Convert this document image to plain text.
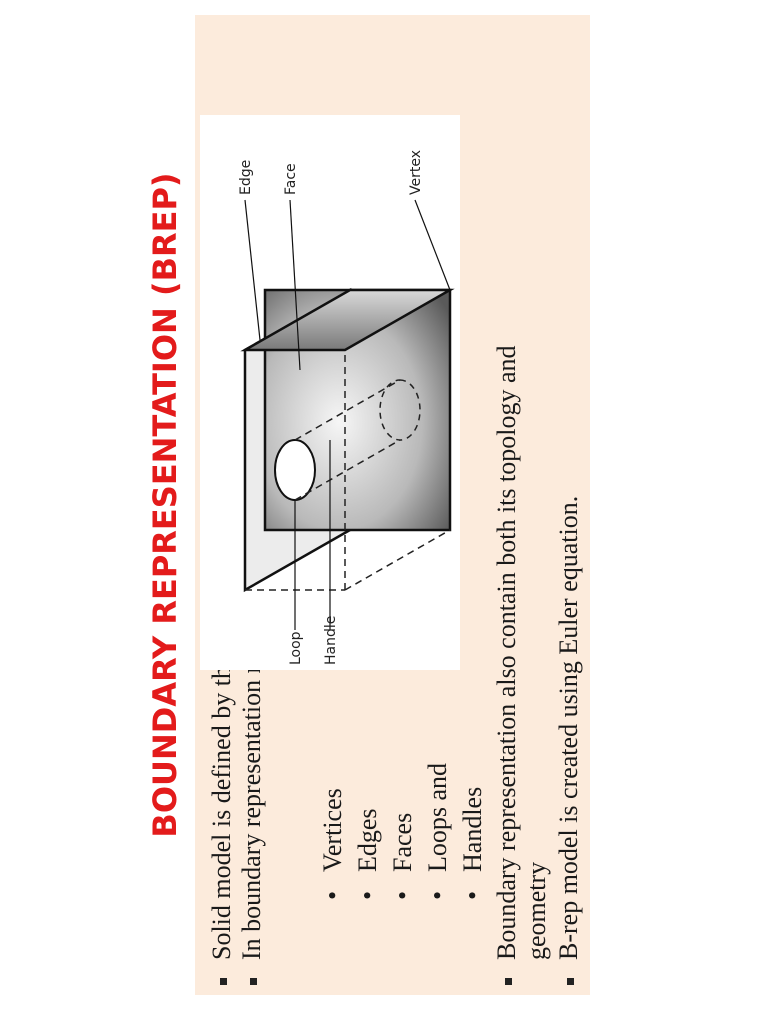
BOUNDARY REPRESENTATION (BREP)	• Vertices • Edges • Faces • Loops and • Handles
Loop Handle
Edge Face	Vertex
Boundary representation also contain both its topology and geometry B-rep model is created using Euler equation.
